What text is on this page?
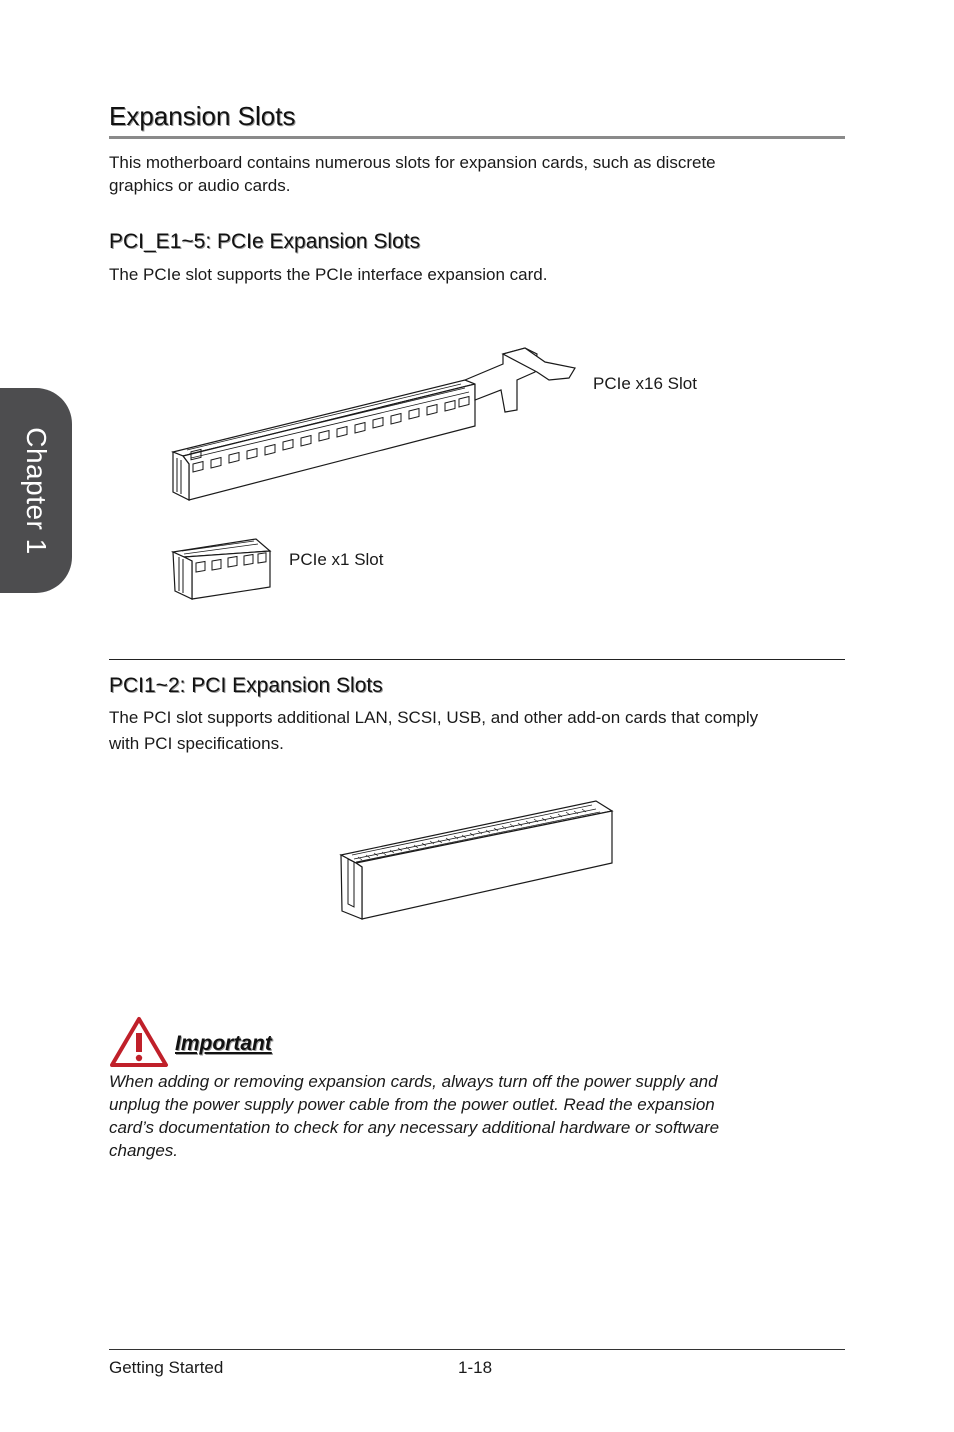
Chapter 1
Expansion Slots

This motherboard contains numerous slots for expansion cards, such as discrete

graphics or audio cards.

PCI_E1~5: PCIe Expansion Slots

The PCIe slot supports the PCIe interface expansion card.

PCIe x16 Slot

PCIe x1 Slot

PCI1~2: PCI Expansion Slots

The PCI slot supports additional LAN, SCSI, USB, and other add-on cards that comply

with PCI specifications.

Important
When adding or removing expansion cards, always turn off the power supply and
unplug the power supply power cable from the power outlet. Read the expansion
card’s documentation to check for any necessary additional hardware or software
changes.
Getting Started	1-18
